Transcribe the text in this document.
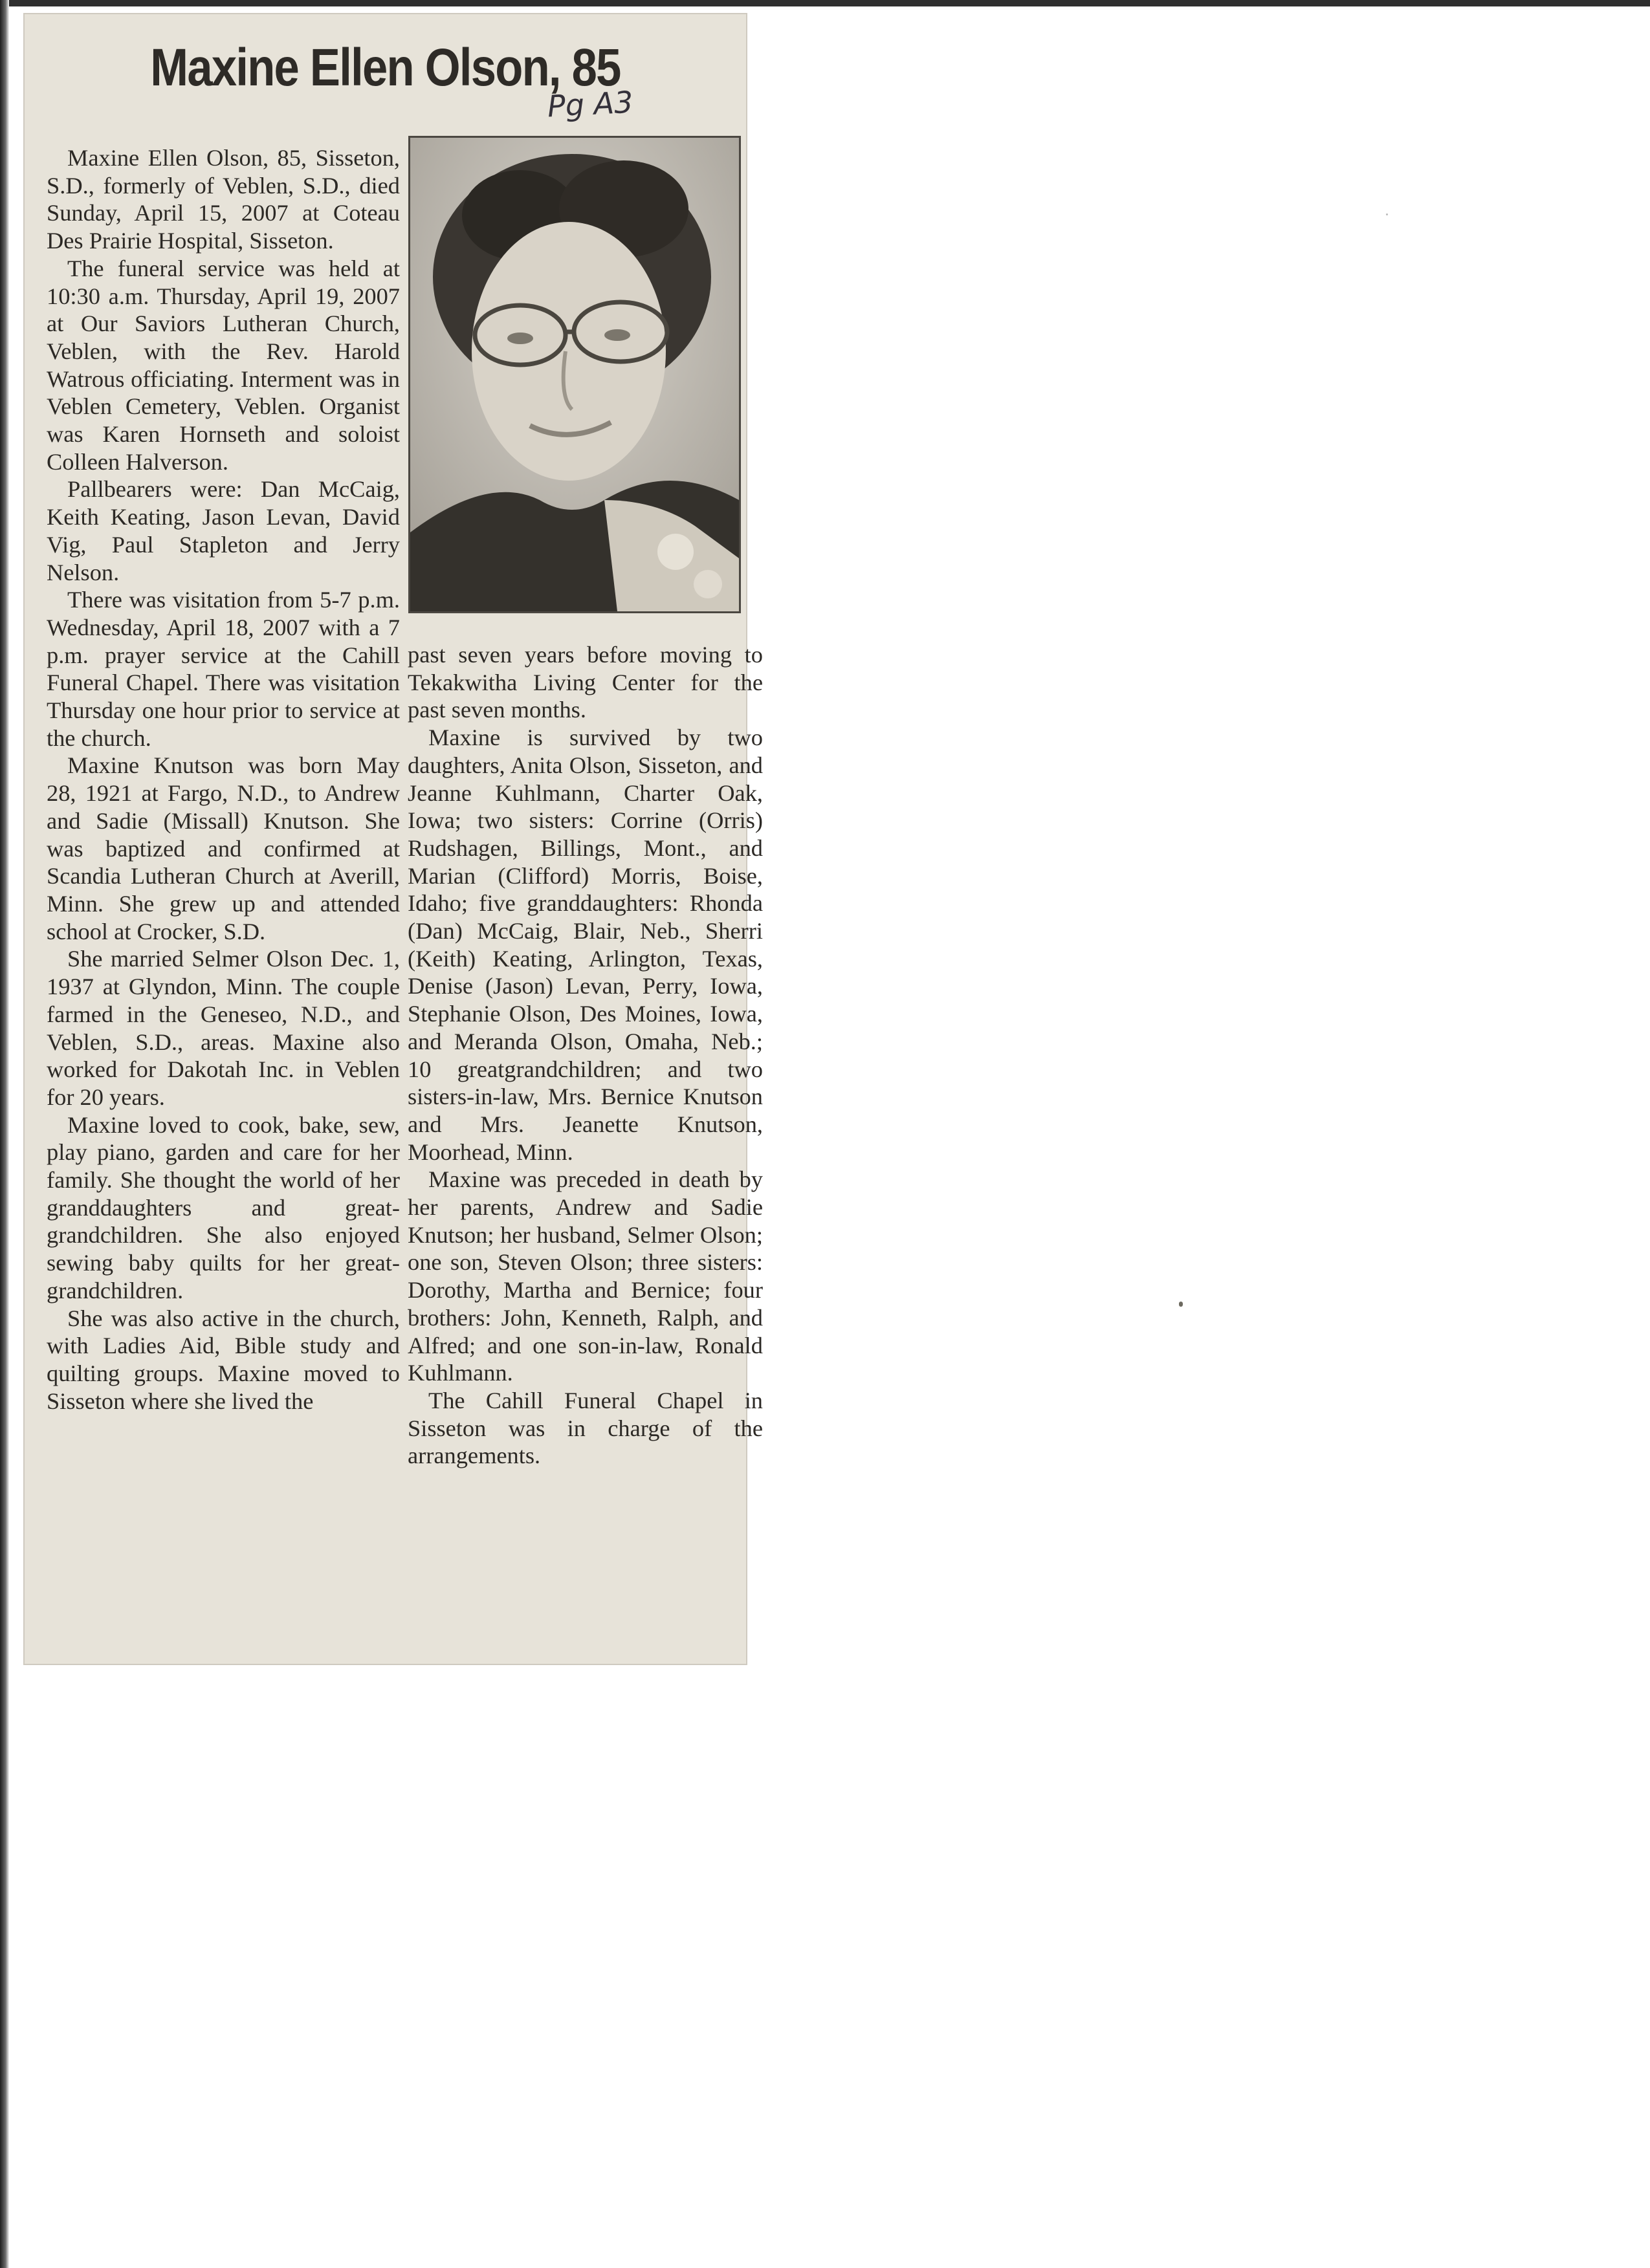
Maxine Ellen Olson, 85
Pg A3

Maxine Ellen Olson, 85, Sisseton, S.D., formerly of Veblen, S.D., died Sunday, April 15, 2007 at Coteau Des Prairie Hospital, Sisseton.

The funeral service was held at 10:30 a.m. Thursday, April 19, 2007 at Our Saviors Lutheran Church, Veblen, with the Rev. Harold Watrous officiating. Interment was in Veblen Cemetery, Veblen. Organist was Karen Hornseth and soloist Colleen Halverson.

Pallbearers were: Dan McCaig, Keith Keating, Jason Levan, David Vig, Paul Stapleton and Jerry Nelson.

There was visitation from 5-7 p.m. Wednesday, April 18, 2007 with a 7 p.m. prayer service at the Cahill Funeral Chapel. There was visitation Thursday one hour prior to service at the church.

Maxine Knutson was born May 28, 1921 at Fargo, N.D., to Andrew and Sadie (Missall) Knutson. She was baptized and confirmed at Scandia Lutheran Church at Averill, Minn. She grew up and attended school at Crocker, S.D.

She married Selmer Olson Dec. 1, 1937 at Glyndon, Minn. The couple farmed in the Geneseo, N.D., and Veblen, S.D., areas. Maxine also worked for Dakotah Inc. in Veblen for 20 years.

Maxine loved to cook, bake, sew, play piano, garden and care for her family. She thought the world of her granddaughters and great-grandchildren. She also enjoyed sewing baby quilts for her great-grandchildren.

She was also active in the church, with Ladies Aid, Bible study and quilting groups. Maxine moved to Sisseton where she lived the

past seven years before moving to Tekakwitha Living Center for the past seven months.

Maxine is survived by two daughters, Anita Olson, Sisseton, and Jeanne Kuhlmann, Charter Oak, Iowa; two sisters: Corrine (Orris) Rudshagen, Billings, Mont., and Marian (Clifford) Morris, Boise, Idaho; five granddaughters: Rhonda (Dan) McCaig, Blair, Neb., Sherri (Keith) Keating, Arlington, Texas, Denise (Jason) Levan, Perry, Iowa, Stephanie Olson, Des Moines, Iowa, and Meranda Olson, Omaha, Neb.; 10 greatgrandchildren; and two sisters-in-law, Mrs. Bernice Knutson and Mrs. Jeanette Knutson, Moorhead, Minn.

Maxine was preceded in death by her parents, Andrew and Sadie Knutson; her husband, Selmer Olson; one son, Steven Olson; three sisters: Dorothy, Martha and Bernice; four brothers: John, Kenneth, Ralph, and Alfred; and one son-in-law, Ronald Kuhlmann.

The Cahill Funeral Chapel in Sisseton was in charge of the arrangements.
